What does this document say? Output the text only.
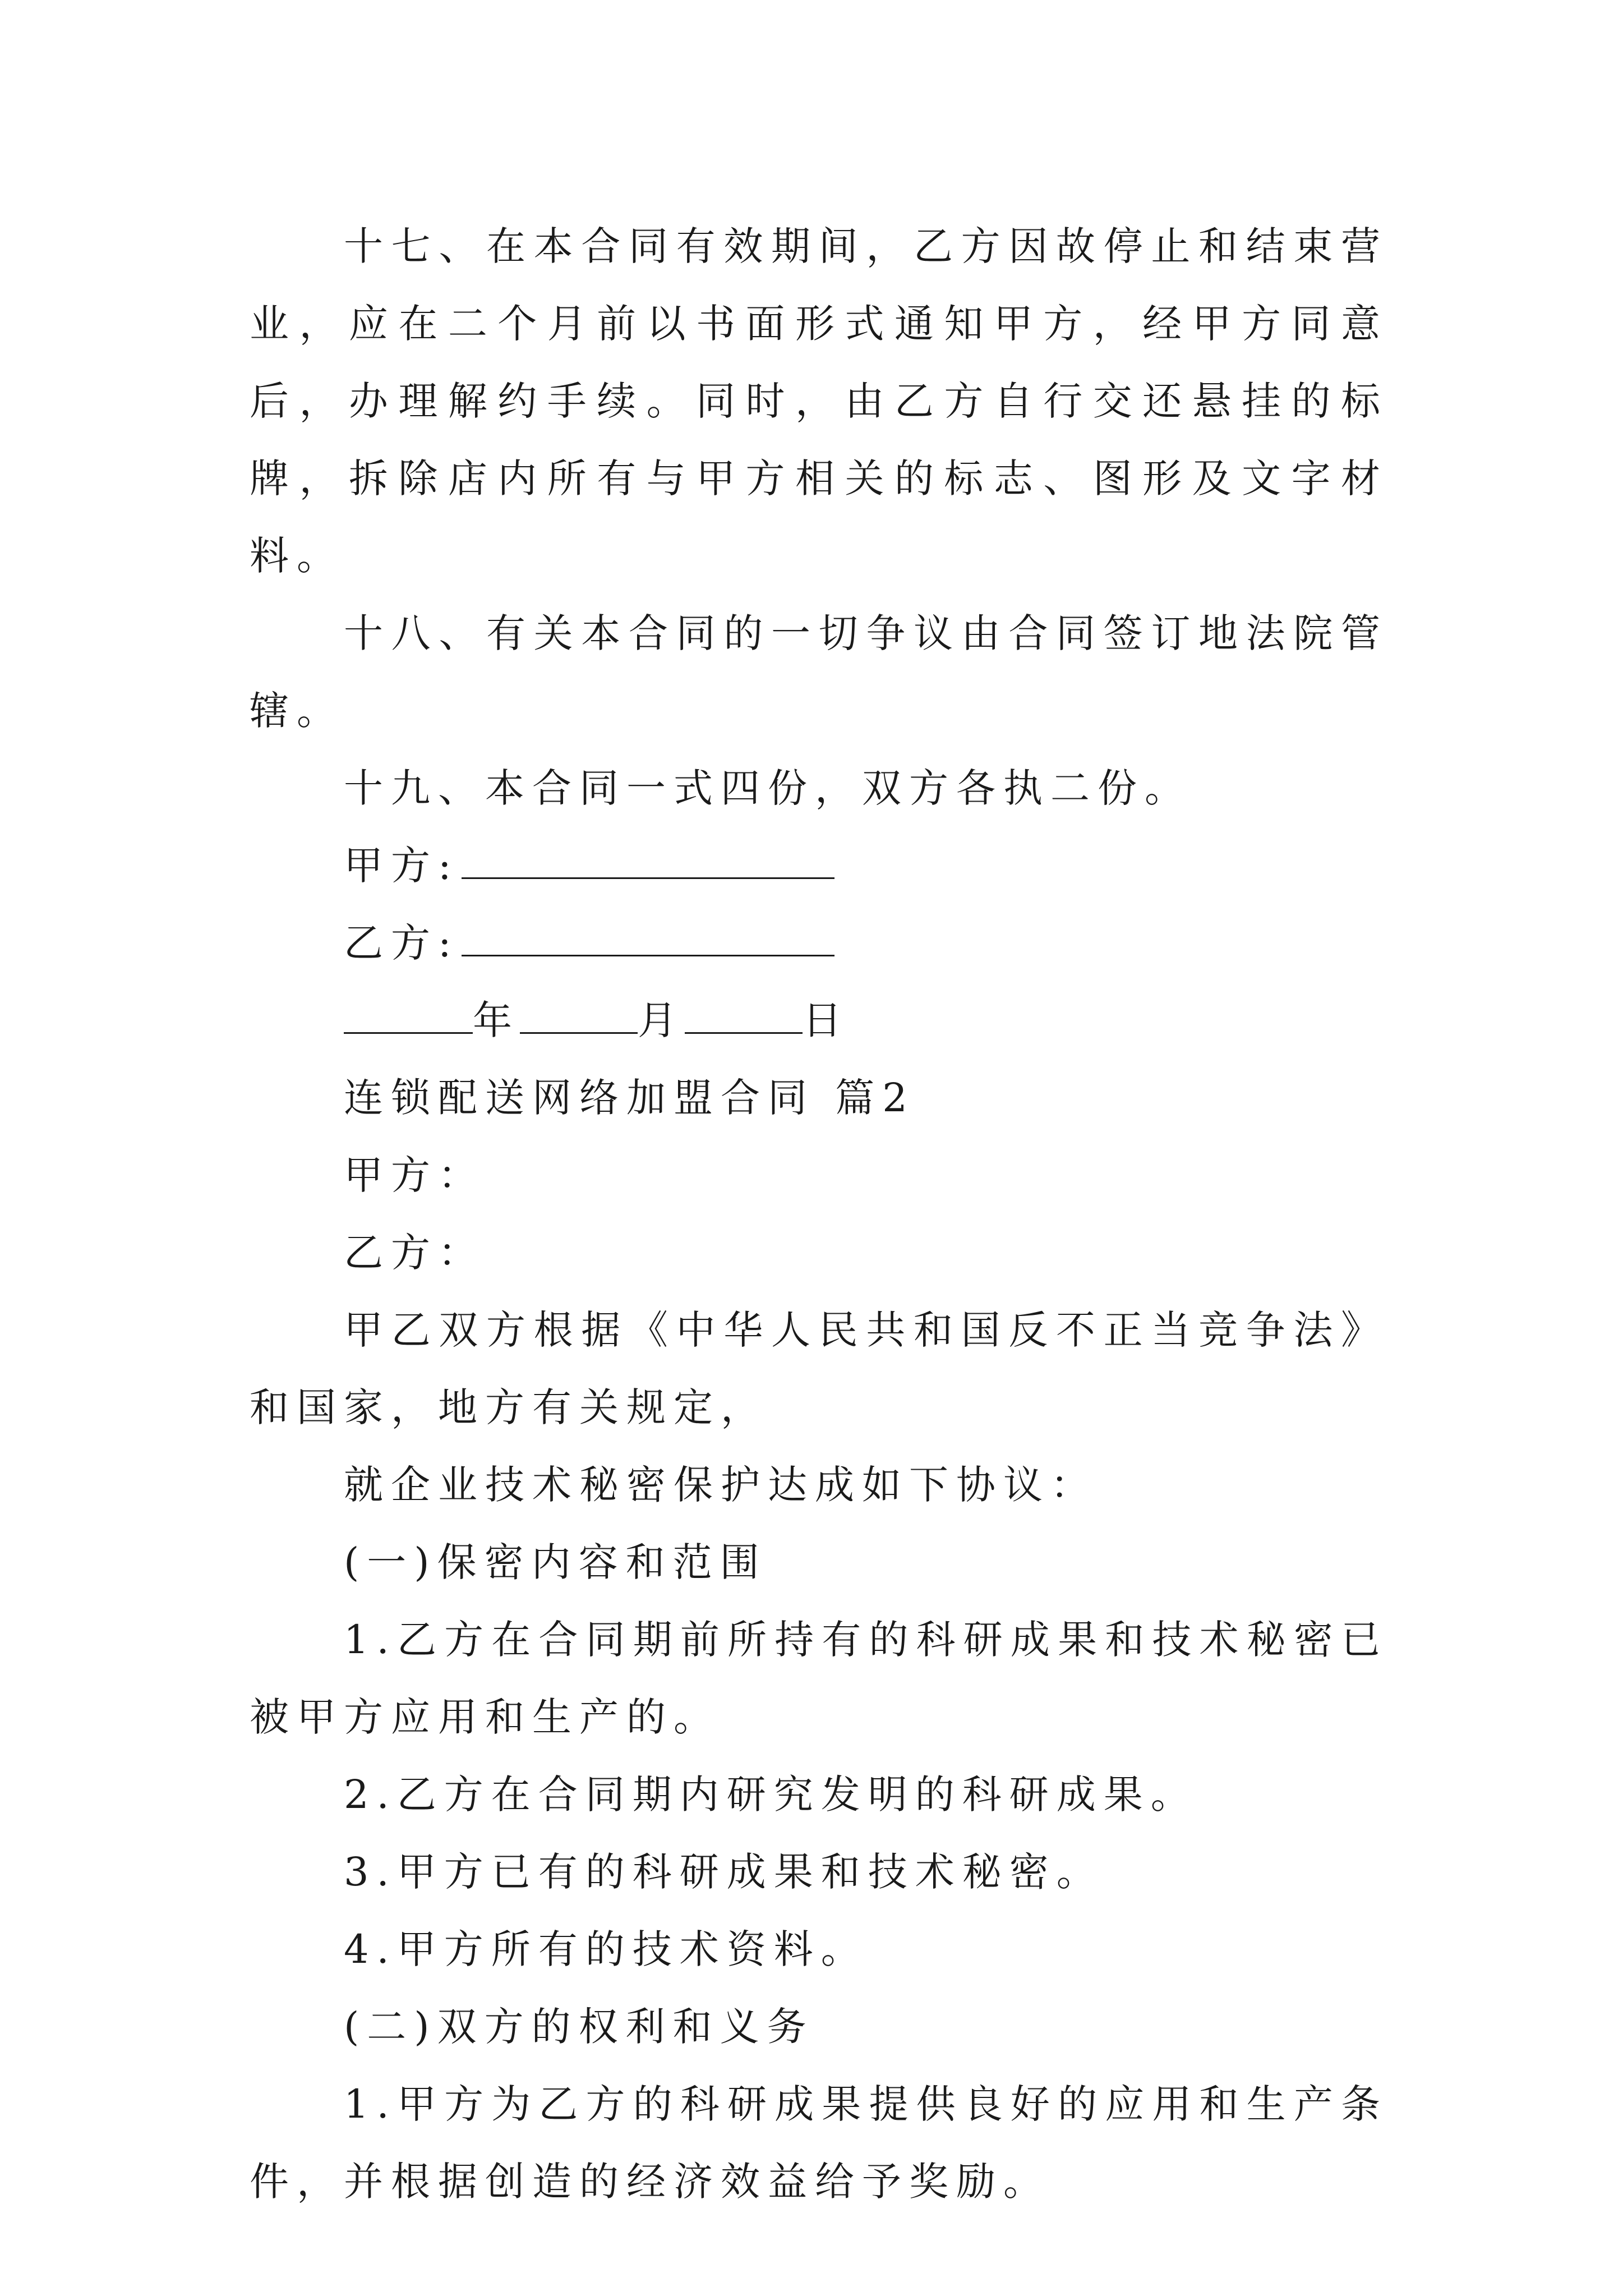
十七、在本合同有效期间，乙方因故停止和结束营业，应在二个月前以书面形式通知甲方，经甲方同意后，办理解约手续。同时，由乙方自行交还悬挂的标牌，拆除店内所有与甲方相关的标志、图形及文字材料。

十八、有关本合同的一切争议由合同签订地法院管辖。

十九、本合同一式四份，双方各执二份。

甲方:

乙方:

年	月	日

连锁配送网络加盟合同 篇2

甲方：

乙方：

甲乙双方根据《中华人民共和国反不正当竞争法》和国家，地方有关规定，

就企业技术秘密保护达成如下协议：

(一)保密内容和范围

1.乙方在合同期前所持有的科研成果和技术秘密已被甲方应用和生产的。

2.乙方在合同期内研究发明的科研成果。

3.甲方已有的科研成果和技术秘密。

4.甲方所有的技术资料。

(二)双方的权利和义务

1.甲方为乙方的科研成果提供良好的应用和生产条件，并根据创造的经济效益给予奖励。
